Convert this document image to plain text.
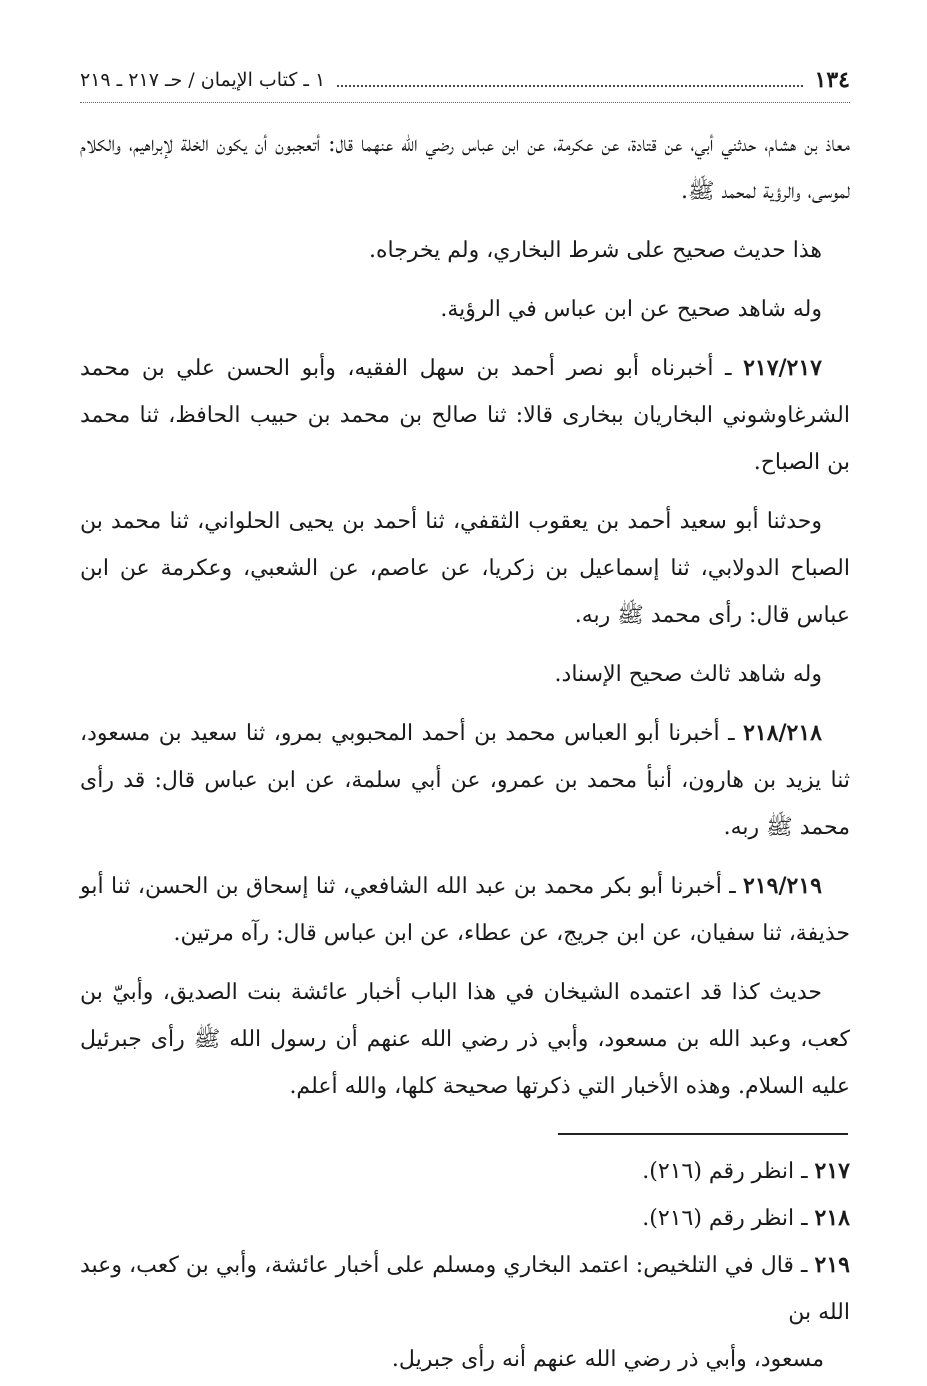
١٣٤
١ ـ كتاب الإيمان / حـ ٢١٧ ـ ٢١٩

معاذ بن هشام، حدثني أبي، عن قتادة، عن عكرمة، عن ابن عباس رضي الله عنهما قال: أتعجبون أن يكون الخلة لإبراهيم، والكلام لموسى، والرؤية لمحمد ﷺ.

هذا حديث صحيح على شرط البخاري، ولم يخرجاه.

وله شاهد صحيح عن ابن عباس في الرؤية.

٢١٧/٢١٧ ـ أخبرناه أبو نصر أحمد بن سهل الفقيه، وأبو الحسن علي بن محمد الشرغاوشوني البخاريان ببخارى قالا: ثنا صالح بن محمد بن حبيب الحافظ، ثنا محمد بن الصباح.

وحدثنا أبو سعيد أحمد بن يعقوب الثقفي، ثنا أحمد بن يحيى الحلواني، ثنا محمد بن الصباح الدولابي، ثنا إسماعيل بن زكريا، عن عاصم، عن الشعبي، وعكرمة عن ابن عباس قال: رأى محمد ﷺ ربه.

وله شاهد ثالث صحيح الإسناد.

٢١٨/٢١٨ ـ أخبرنا أبو العباس محمد بن أحمد المحبوبي بمرو، ثنا سعيد بن مسعود، ثنا يزيد بن هارون، أنبأ محمد بن عمرو، عن أبي سلمة، عن ابن عباس قال: قد رأى محمد ﷺ ربه.

٢١٩/٢١٩ ـ أخبرنا أبو بكر محمد بن عبد الله الشافعي، ثنا إسحاق بن الحسن، ثنا أبو حذيفة، ثنا سفيان، عن ابن جريج، عن عطاء، عن ابن عباس قال: رآه مرتين.

حديث كذا قد اعتمده الشيخان في هذا الباب أخبار عائشة بنت الصديق، وأبيّ بن كعب، وعبد الله بن مسعود، وأبي ذر رضي الله عنهم أن رسول الله ﷺ رأى جبرئيل عليه السلام. وهذه الأخبار التي ذكرتها صحيحة كلها، والله أعلم.

٢١٧ ـ انظر رقم (٢١٦).

٢١٨ ـ انظر رقم (٢١٦).

٢١٩ ـ قال في التلخيص: اعتمد البخاري ومسلم على أخبار عائشة، وأبي بن كعب، وعبد الله بن

مسعود، وأبي ذر رضي الله عنهم أنه رأى جبريل.
